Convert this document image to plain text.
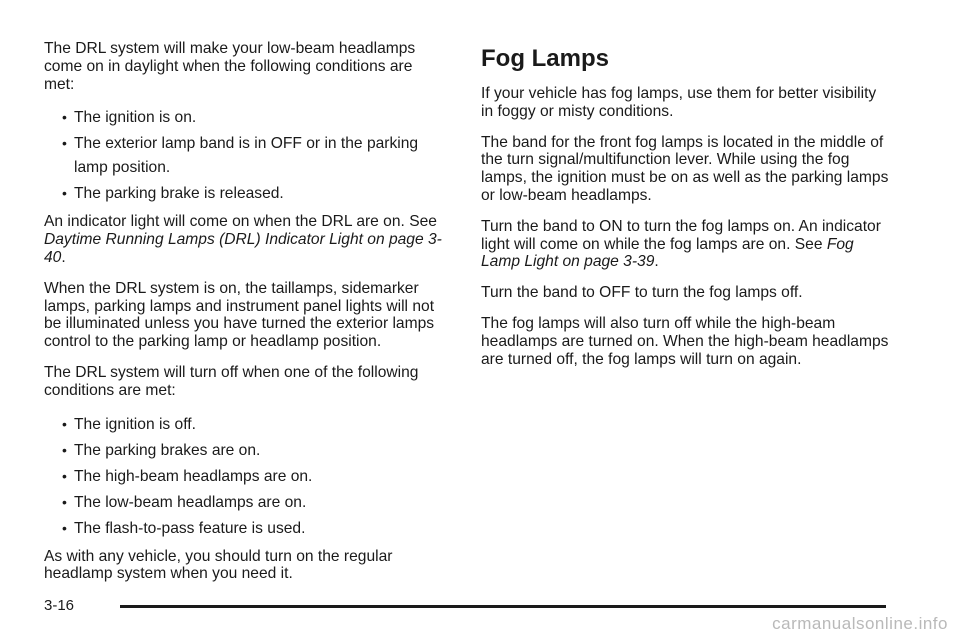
The DRL system will make your low-beam headlamps come on in daylight when the following conditions are met:

• The ignition is on.
• The exterior lamp band is in OFF or in the parking lamp position.
• The parking brake is released.

An indicator light will come on when the DRL are on. See Daytime Running Lamps (DRL) Indicator Light on page 3-40.

When the DRL system is on, the taillamps, sidemarker lamps, parking lamps and instrument panel lights will not be illuminated unless you have turned the exterior lamps control to the parking lamp or headlamp position.

The DRL system will turn off when one of the following conditions are met:

• The ignition is off.
• The parking brakes are on.
• The high-beam headlamps are on.
• The low-beam headlamps are on.
• The flash-to-pass feature is used.

As with any vehicle, you should turn on the regular headlamp system when you need it.

Fog Lamps

If your vehicle has fog lamps, use them for better visibility in foggy or misty conditions.

The band for the front fog lamps is located in the middle of the turn signal/multifunction lever. While using the fog lamps, the ignition must be on as well as the parking lamps or low-beam headlamps.

Turn the band to ON to turn the fog lamps on. An indicator light will come on while the fog lamps are on. See Fog Lamp Light on page 3-39.

Turn the band to OFF to turn the fog lamps off.

The fog lamps will also turn off while the high-beam headlamps are turned on. When the high-beam headlamps are turned off, the fog lamps will turn on again.

3-16
carmanualsonline.info
